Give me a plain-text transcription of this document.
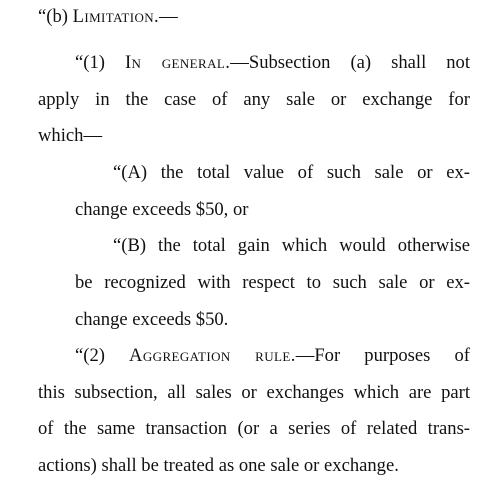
“(b) Limitation.—
“(1) In general.—Subsection (a) shall not
apply in the case of any sale or exchange for
which—
“(A) the total value of such sale or ex-
change exceeds $50, or
“(B) the total gain which would otherwise
be recognized with respect to such sale or ex-
change exceeds $50.
“(2) Aggregation rule.—For purposes of
this subsection, all sales or exchanges which are part
of the same transaction (or a series of related trans-
actions) shall be treated as one sale or exchange.
